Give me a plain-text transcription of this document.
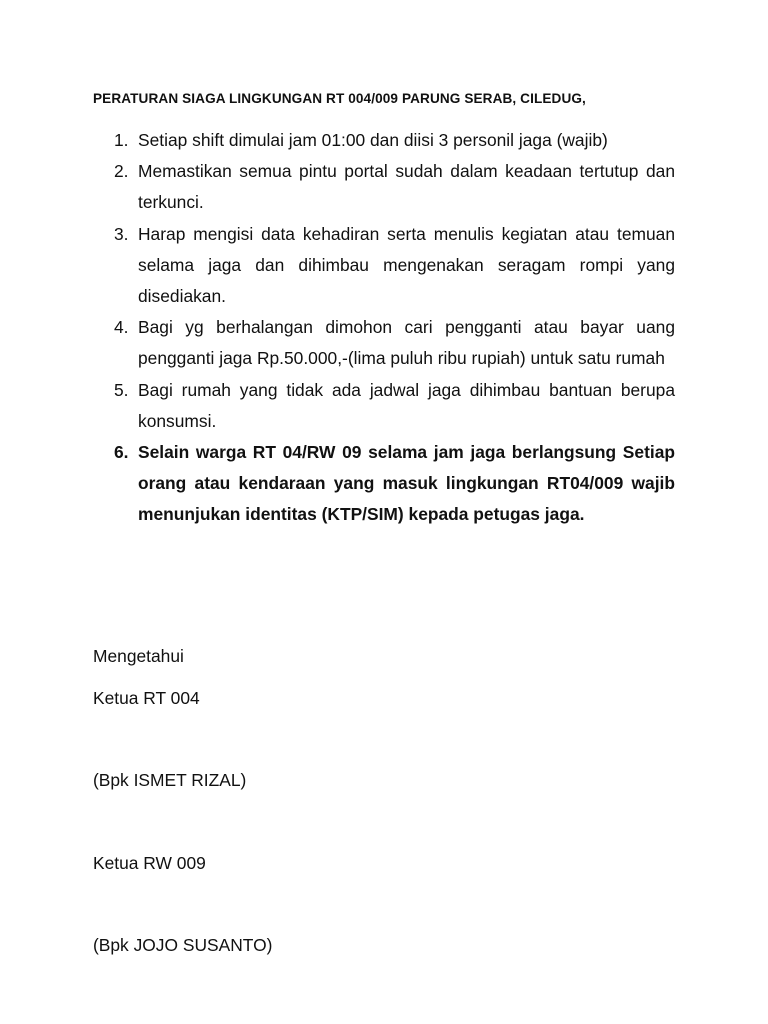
PERATURAN SIAGA LINGKUNGAN RT 004/009 PARUNG SERAB, CILEDUG,
1. Setiap shift dimulai jam 01:00 dan diisi 3 personil jaga (wajib)
2. Memastikan semua pintu portal sudah dalam keadaan tertutup dan terkunci.
3. Harap mengisi data kehadiran serta menulis kegiatan atau temuan selama jaga dan dihimbau mengenakan seragam rompi yang disediakan.
4. Bagi yg berhalangan dimohon cari pengganti atau bayar uang pengganti jaga Rp.50.000,-(lima puluh ribu rupiah) untuk satu rumah
5. Bagi rumah yang tidak ada jadwal jaga dihimbau bantuan berupa konsumsi.
6. Selain warga RT 04/RW 09 selama jam jaga berlangsung Setiap orang atau kendaraan yang masuk lingkungan RT04/009 wajib menunjukan identitas (KTP/SIM) kepada petugas jaga.
Mengetahui
Ketua RT 004
(Bpk ISMET RIZAL)
Ketua RW 009
(Bpk JOJO SUSANTO)
